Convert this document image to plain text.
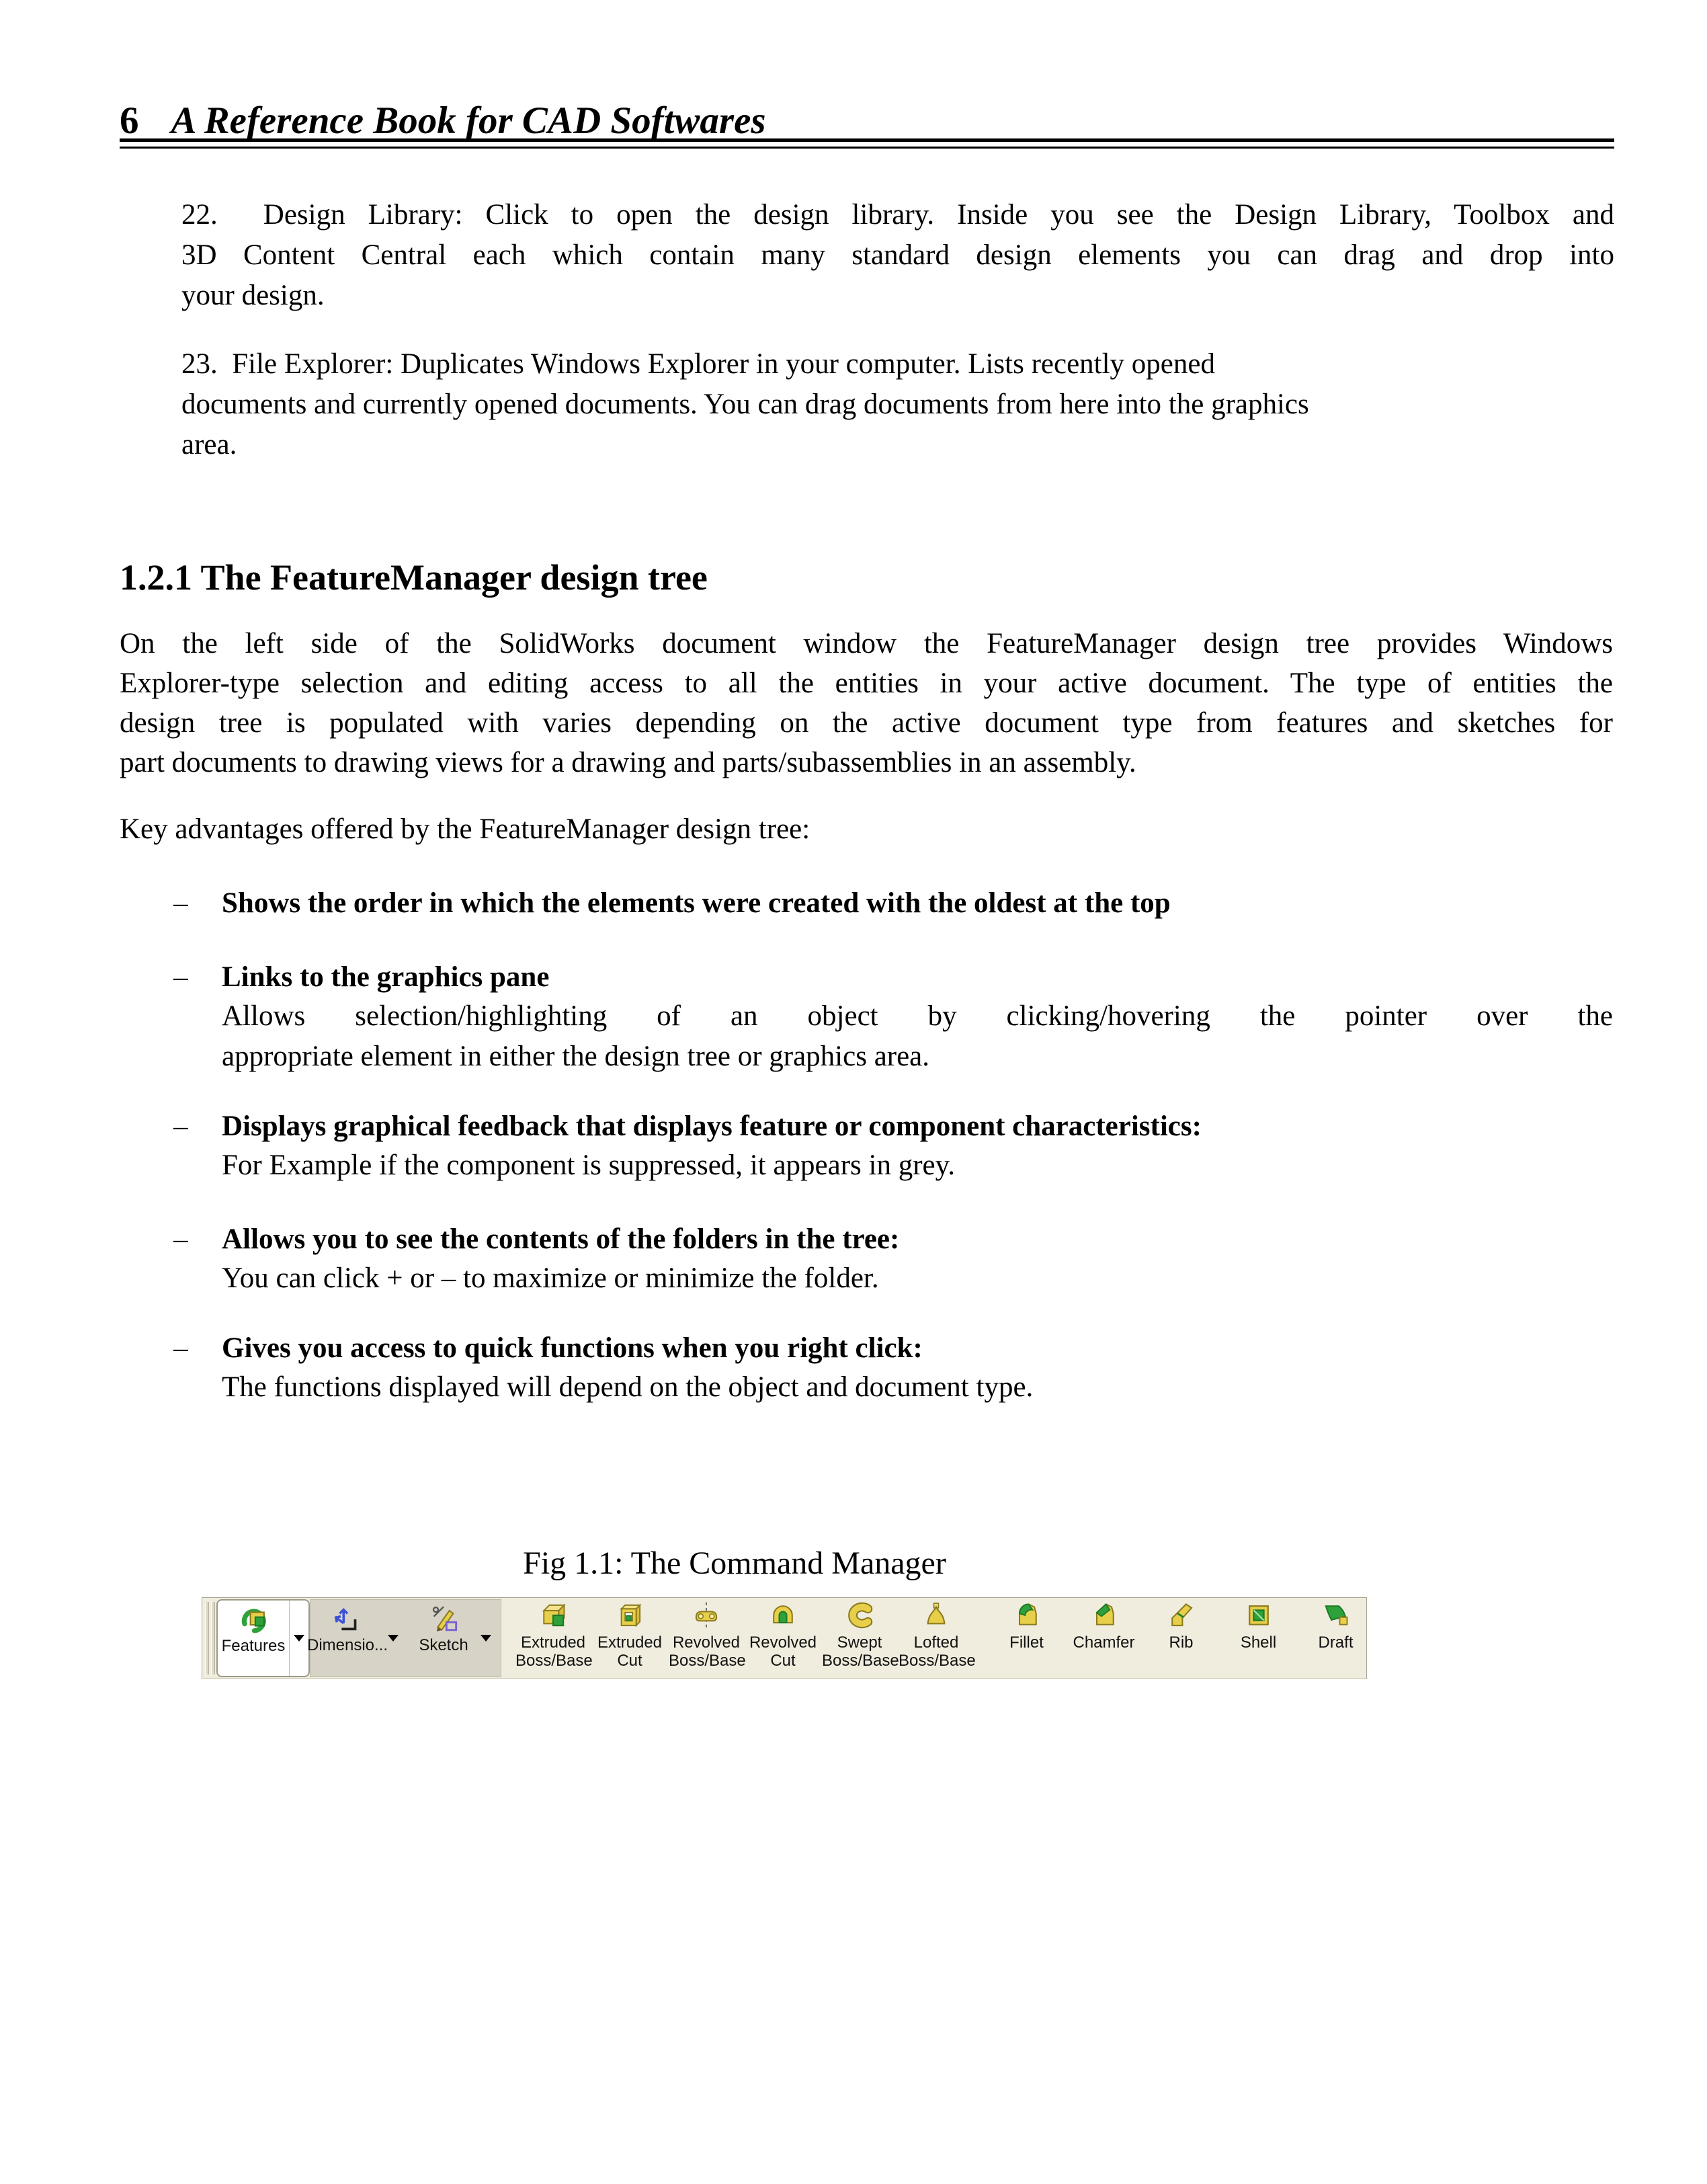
6 A Reference Book for CAD Softwares
22.  Design Library: Click to open the design library. Inside you see the Design Library, Toolbox and
3D Content Central each which contain many standard design elements you can drag and drop into
your design.
23.  File Explorer: Duplicates Windows Explorer in your computer. Lists recently opened
documents and currently opened documents. You can drag documents from here into the graphics
area.
1.2.1 The FeatureManager design tree
On the left side of the SolidWorks document window the FeatureManager design tree provides Windows
Explorer-type selection and editing access to all the entities in your active document. The type of entities the
design tree is populated with varies depending on the active document type from features and sketches for
part documents to drawing views for a drawing and parts/subassemblies in an assembly.
Key advantages offered by the FeatureManager design tree:
– Shows the order in which the elements were created with the oldest at the top
– Links to the graphics pane
Allows selection/highlighting of an object by clicking/hovering the pointer over the
appropriate element in either the design tree or graphics area.
– Displays graphical feedback that displays feature or component characteristics:
For Example if the component is suppressed, it appears in grey.
– Allows you to see the contents of the folders in the tree:
You can click + or – to maximize or minimize the folder.
– Gives you access to quick functions when you right click:
The functions displayed will depend on the object and document type.
Fig 1.1: The Command Manager
Features Dimensio... Sketch	Extruded Boss/Base
Extruded Cut
Revolved Boss/Base
Revolved Cut
Swept Boss/Base
Lofted Boss/Base
Fillet	Chamfer	Rib	Shell	Draft
